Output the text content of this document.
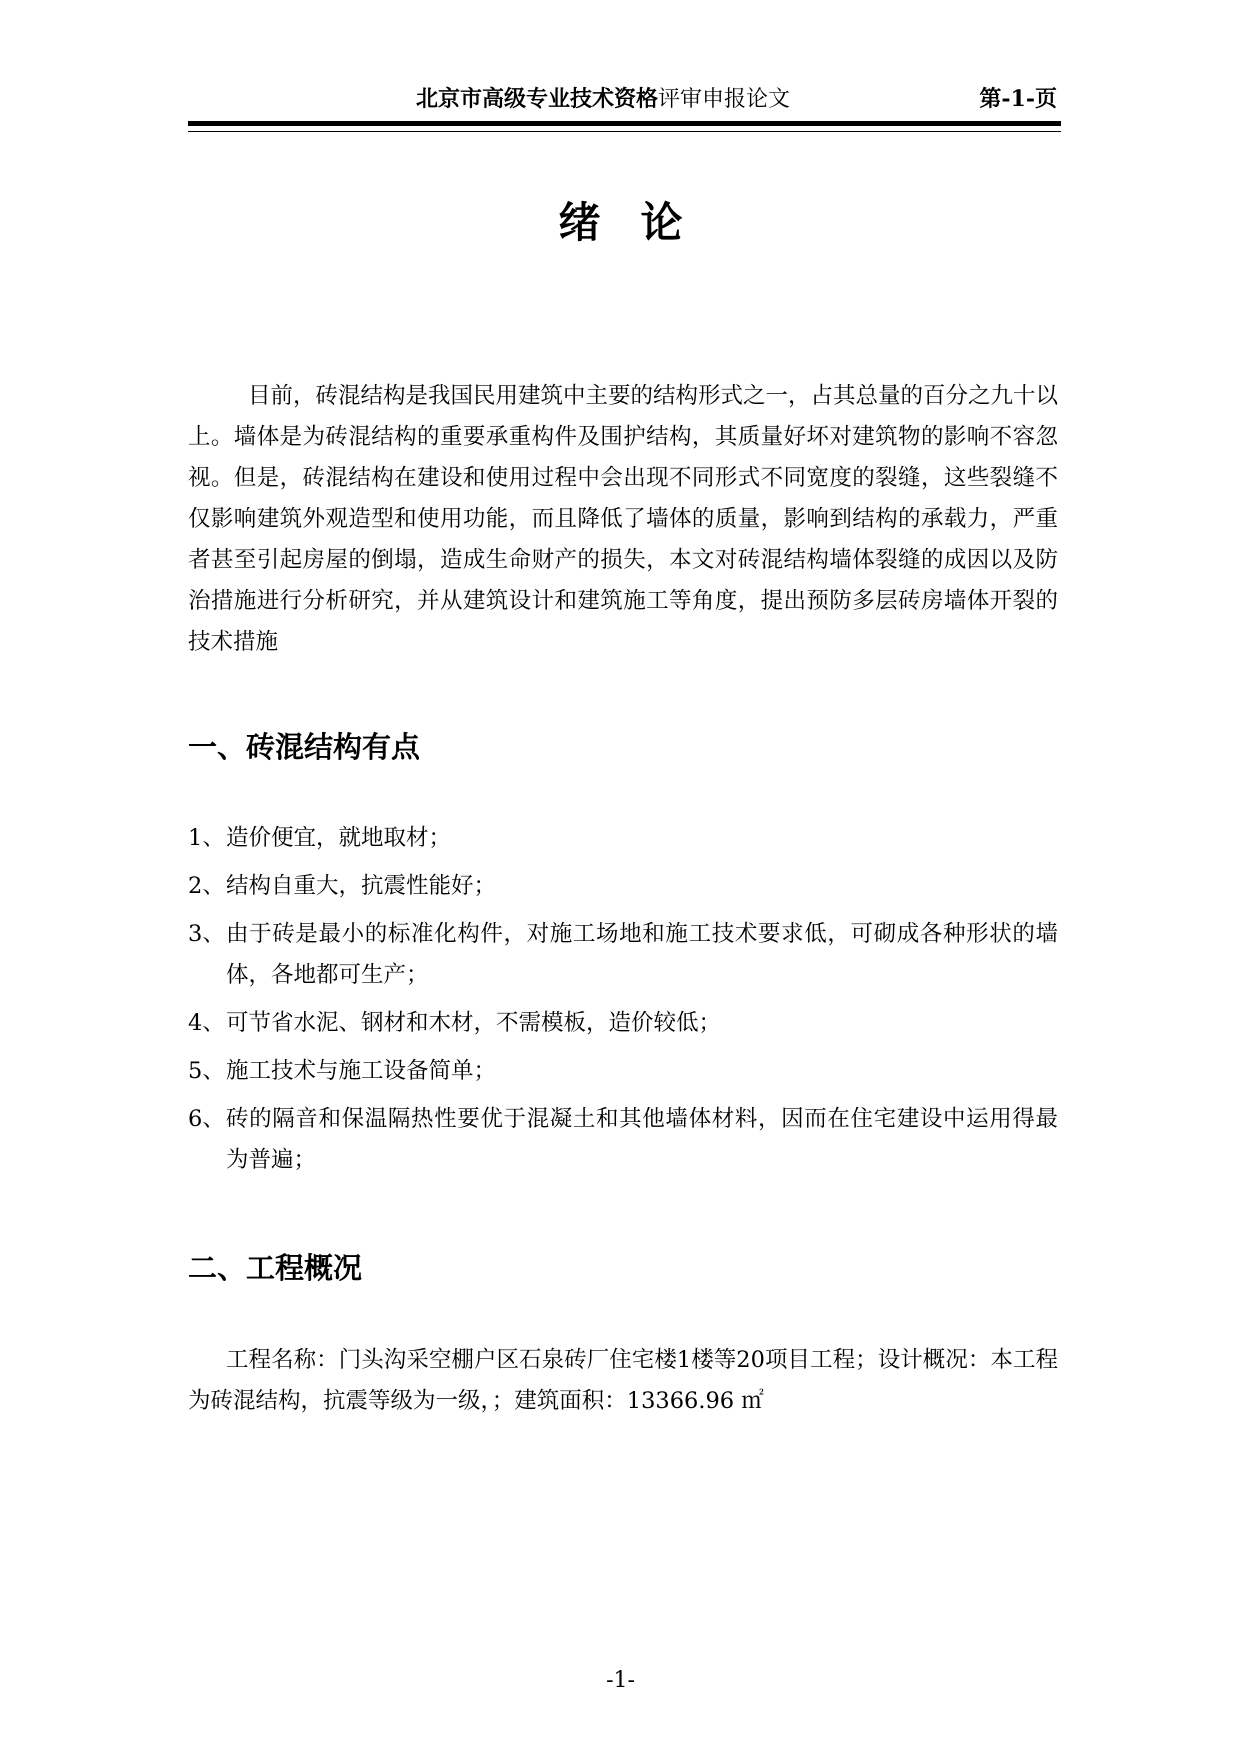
北京市高级专业技术资格评审申报论文	第-1-页
绪论

目前，砖混结构是我国民用建筑中主要的结构形式之一，占其总量的百分之九十以上。墙体是为砖混结构的重要承重构件及围护结构，其质量好坏对建筑物的影响不容忽视。但是，砖混结构在建设和使用过程中会出现不同形式不同宽度的裂缝，这些裂缝不仅影响建筑外观造型和使用功能，而且降低了墙体的质量，影响到结构的承载力，严重者甚至引起房屋的倒塌，造成生命财产的损失，本文对砖混结构墙体裂缝的成因以及防治措施进行分析研究，并从建筑设计和建筑施工等角度，提出预防多层砖房墙体开裂的技术措施

一、砖混结构有点
1、 造价便宜，就地取材；
2、 结构自重大，抗震性能好；
3、 由于砖是最小的标准化构件，对施工场地和施工技术要求低，可砌成各种形状的墙体，各地都可生产；
4、 可节省水泥、钢材和木材，不需模板，造价较低；
5、 施工技术与施工设备简单；
6、 砖的隔音和保温隔热性要优于混凝土和其他墙体材料，因而在住宅建设中运用得最为普遍；
二、工程概况

工程名称：门头沟采空棚户区石泉砖厂住宅楼1楼等20项目工程；设计概况：本工程为砖混结构，抗震等级为一级，；建筑面积：13366.96 ㎡

-1-
